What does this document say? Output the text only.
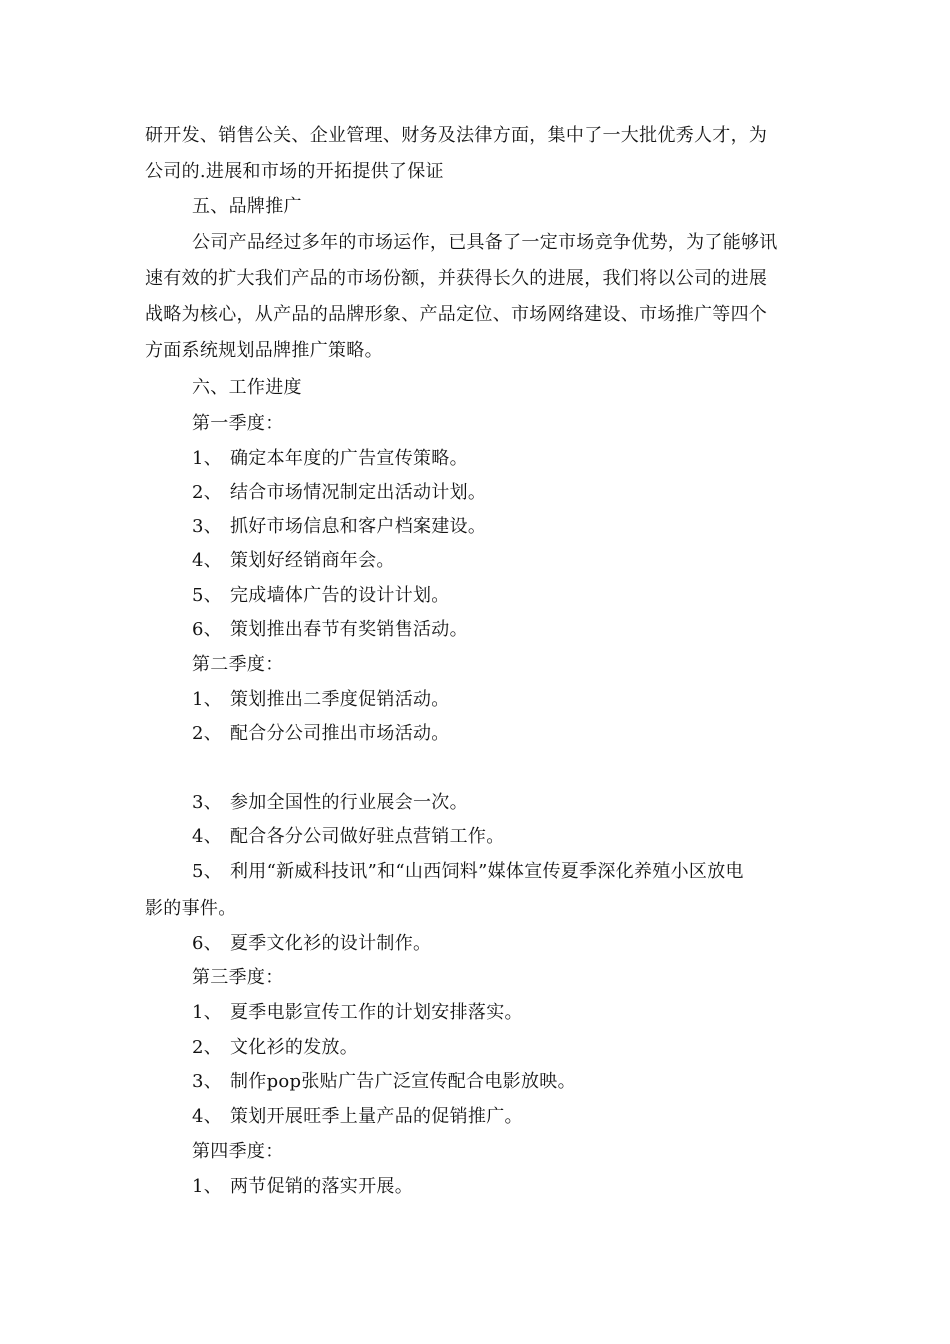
研开发、销售公关、企业管理、财务及法律方面，集中了一大批优秀人才，为
公司的.进展和市场的开拓提供了保证
五、品牌推广
公司产品经过多年的市场运作，已具备了一定市场竞争优势，为了能够讯
速有效的扩大我们产品的市场份额，并获得长久的进展，我们将以公司的进展
战略为核心，从产品的品牌形象、产品定位、市场网络建设、市场推广等四个
方面系统规划品牌推广策略。
六、工作进度
第一季度：
1、 确定本年度的广告宣传策略。
2、 结合市场情况制定出活动计划。
3、 抓好市场信息和客户档案建设。
4、 策划好经销商年会。
5、 完成墙体广告的设计计划。
6、 策划推出春节有奖销售活动。
第二季度：
1、 策划推出二季度促销活动。
2、 配合分公司推出市场活动。
3、 参加全国性的行业展会一次。
4、 配合各分公司做好驻点营销工作。
5、 利用“新威科技讯”和“山西饲料”媒体宣传夏季深化养殖小区放电
影的事件。
6、 夏季文化衫的设计制作。
第三季度：
1、 夏季电影宣传工作的计划安排落实。
2、 文化衫的发放。
3、 制作pop张贴广告广泛宣传配合电影放映。
4、 策划开展旺季上量产品的促销推广。
第四季度：
1、 两节促销的落实开展。
